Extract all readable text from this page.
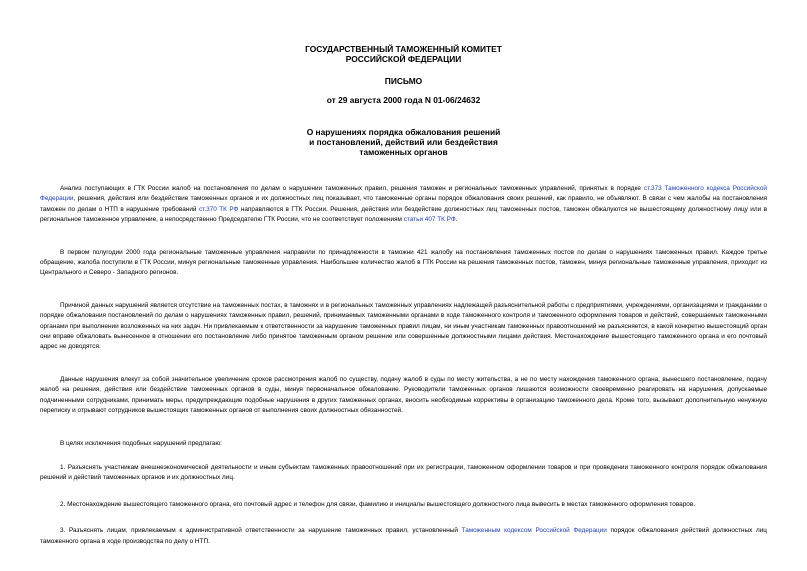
ГОСУДАРСТВЕННЫЙ ТАМОЖЕННЫЙ КОМИТЕТ
РОССИЙСКОЙ ФЕДЕРАЦИИ
ПИСЬМО
от 29 августа 2000 года N 01-06/24632
О нарушениях порядка обжалования решений
и постановлений, действий или бездействия
таможенных органов

Анализ поступающих в ГТК России жалоб на постановления по делам о нарушении таможенных правил, решения таможен и региональных таможенных управлений, принятых в порядке ст.373 Таможенного кодекса Российской Федерации, решения, действия или бездействие таможенных органов и их должностных лиц показывает, что таможенные органы порядок обжалования своих решений, как правило, не объявляют. В связи с чем жалобы на постановления таможен по делам о НТП в нарушение требований ст.370 ТК РФ направляются в ГТК России. Решения, действия или бездействие должностных лиц таможенных постов, таможен обжалуются не вышестоящему должностному лицу или в региональное таможенное управление, а непосредственно Председателю ГТК России, что не соответствует положениям статьи 407 ТК РФ.

В первом полугодии 2000 года региональные таможенные управления направили по принадлежности в таможни 421 жалобу на постановления таможенных постов по делам о нарушениях таможенных правил. Каждое третье обращение, жалоба поступили в ГТК России, минуя региональные таможенные управления. Наибольшее количество жалоб в ГТК России на решения таможенных постов, таможен, минуя региональные таможенные управления, приходит из Центрального и Северо - Западного регионов.

Причиной данных нарушений является отсутствие на таможенных постах, в таможнях и в региональных таможенных управлениях надлежащей разъяснительной работы с предприятиями, учреждениями, организациями и гражданами о порядке обжалования постановлений по делам о нарушениях таможенных правил, решений, принимаемых таможенными органами в ходе таможенного контроля и таможенного оформления товаров и действий, совершаемых таможенными органами при выполнении возложенных на них задач. Ни привлекаемым к ответственности за нарушение таможенных правил лицам, ни иным участникам таможенных правоотношений не разъясняется, в какой конкретно вышестоящий орган они вправе обжаловать вынесенное в отношении его постановление либо принятое таможенным органом решение или совершенные должностными лицами действия. Местонахождение вышестоящего таможенного органа и его почтовый адрес не доводятся.

Данные нарушения влекут за собой значительное увеличение сроков рассмотрения жалоб по существу, подачу жалоб в суды по месту жительства, а не по месту нахождения таможенного органа, вынесшего постановление, подачу жалоб на решения, действия или бездействие таможенных органов в суды, минуя первоначальное обжалование. Руководители таможенных органов лишаются возможности своевременно реагировать на нарушения, допускаемые подчиненными сотрудниками, принимать меры, предупреждающие подобные нарушения в других таможенных органах, вносить необходимые коррективы в организацию таможенного дела. Кроме того, вызывают дополнительную ненужную переписку и отрывают сотрудников вышестоящих таможенных органов от выполнения своих должностных обязанностей.

В целях исключения подобных нарушений предлагаю:

1. Разъяснять участникам внешнеэкономической деятельности и иным субъектам таможенных правоотношений при их регистрации, таможенном оформлении товаров и при проведении таможенного контроля порядок обжалования решений и действий таможенных органов и их должностных лиц.

2. Местонахождение вышестоящего таможенного органа, его почтовый адрес и телефон для связи, фамилию и инициалы вышестоящего должностного лица вывесить в местах таможенного оформления товаров.

3. Разъяснять лицам, привлекаемым к административной ответственности за нарушение таможенных правил, установленный Таможенным кодексом Российской Федерации порядок обжалования действий должностных лиц таможенного органа в ходе производства по делу о НТП.
